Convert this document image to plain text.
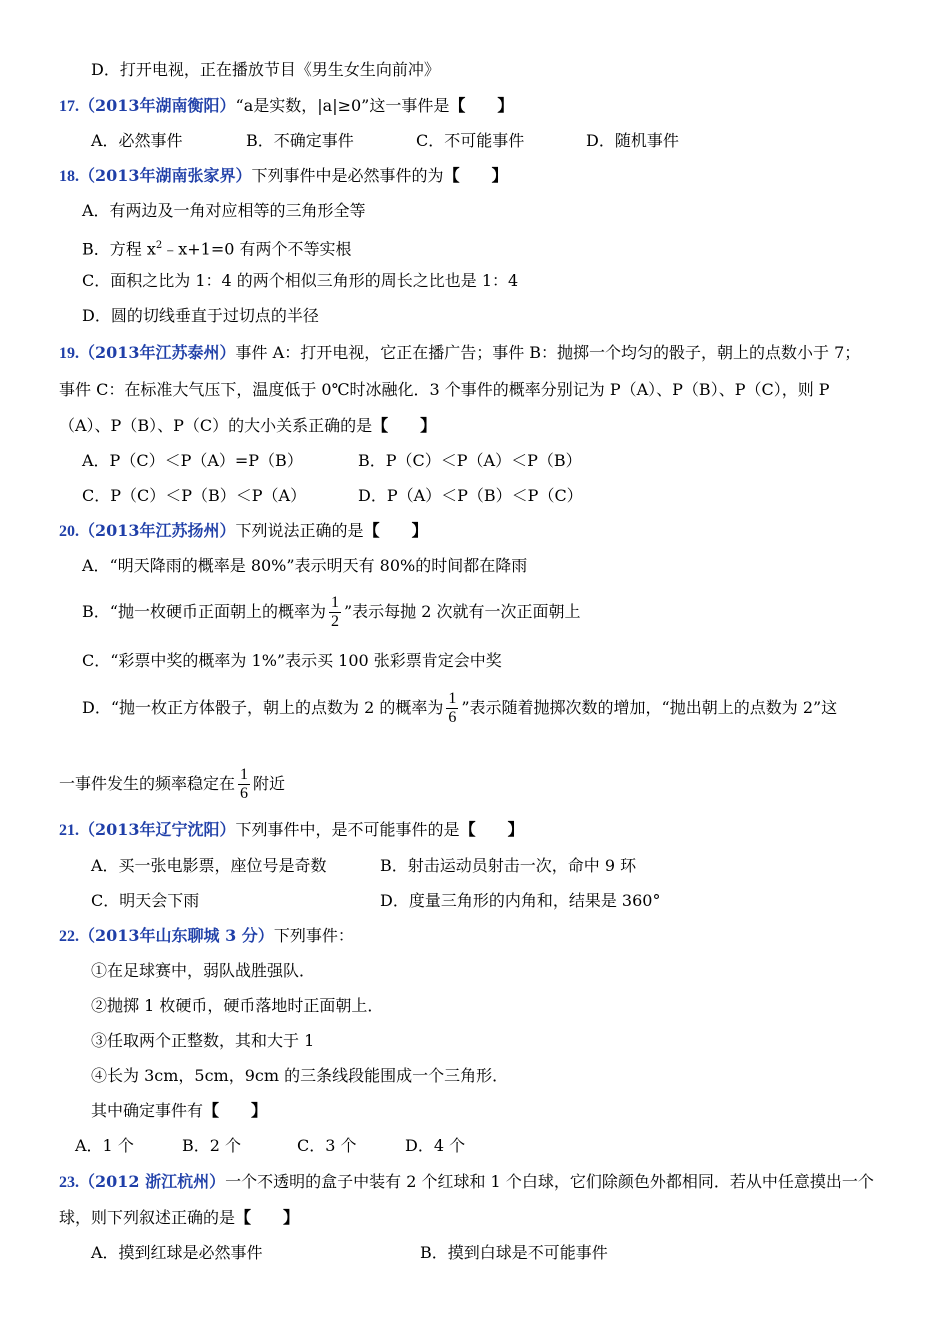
D．打开电视，正在播放节目《男生女生向前冲》
17.（2013年湖南衡阳）“a是实数，|a|≥0”这一事件是【　　】
A．必然事件	B．不确定事件	C．不可能事件	D．随机事件
18.（2013年湖南张家界）下列事件中是必然事件的为【　　】
A．有两边及一角对应相等的三角形全等
B．方程 $x^2﹣x+1=0$ 有两个不等实根
C．面积之比为 1：4 的两个相似三角形的周长之比也是 1：4
D．圆的切线垂直于过切点的半径
19.（2013年江苏泰州）事件 A：打开电视，它正在播广告；事件 B：抛掷一个均匀的骰子，朝上的点数小于 7；
事件 C：在标准大气压下，温度低于 0℃时冰融化．3 个事件的概率分别记为 P（A）、P（B）、P（C），则 P
（A）、P（B）、P（C）的大小关系正确的是【　　】
A．P（C）＜P（A）=P（B）	B．P（C）＜P（A）＜P（B）
C．P（C）＜P（B）＜P（A）	D．P（A）＜P（B）＜P（C）
20.（2013年江苏扬州）下列说法正确的是【　　】
A．“明天降雨的概率是 80%”表示明天有 80%的时间都在降雨
B．“抛一枚硬币正面朝上的概率为 $\frac{1}{2}$ ”表示每抛 2 次就有一次正面朝上
C．“彩票中奖的概率为 1%”表示买 100 张彩票肯定会中奖
D．“抛一枚正方体骰子，朝上的点数为 2 的概率为 $\frac{1}{6}$ ”表示随着抛掷次数的增加，“抛出朝上的点数为 2”这
一事件发生的频率稳定在 $\frac{1}{6}$ 附近
21.（2013年辽宁沈阳）下列事件中，是不可能事件的是【　　】
A．买一张电影票，座位号是奇数	B．射击运动员射击一次，命中 9 环
C．明天会下雨	D．度量三角形的内角和，结果是 360°
22.（2013年山东聊城 3 分）下列事件：
①在足球赛中，弱队战胜强队．
②抛掷 1 枚硬币，硬币落地时正面朝上．
③任取两个正整数，其和大于 1
④长为 3cm，5cm，9cm 的三条线段能围成一个三角形．
其中确定事件有【　　】
A．1 个	B．2 个	C．3 个	D．4 个
23.（2012 浙江杭州）一个不透明的盒子中装有 2 个红球和 1 个白球，它们除颜色外都相同．若从中任意摸出一个
球，则下列叙述正确的是【　　】
A．摸到红球是必然事件	B．摸到白球是不可能事件
